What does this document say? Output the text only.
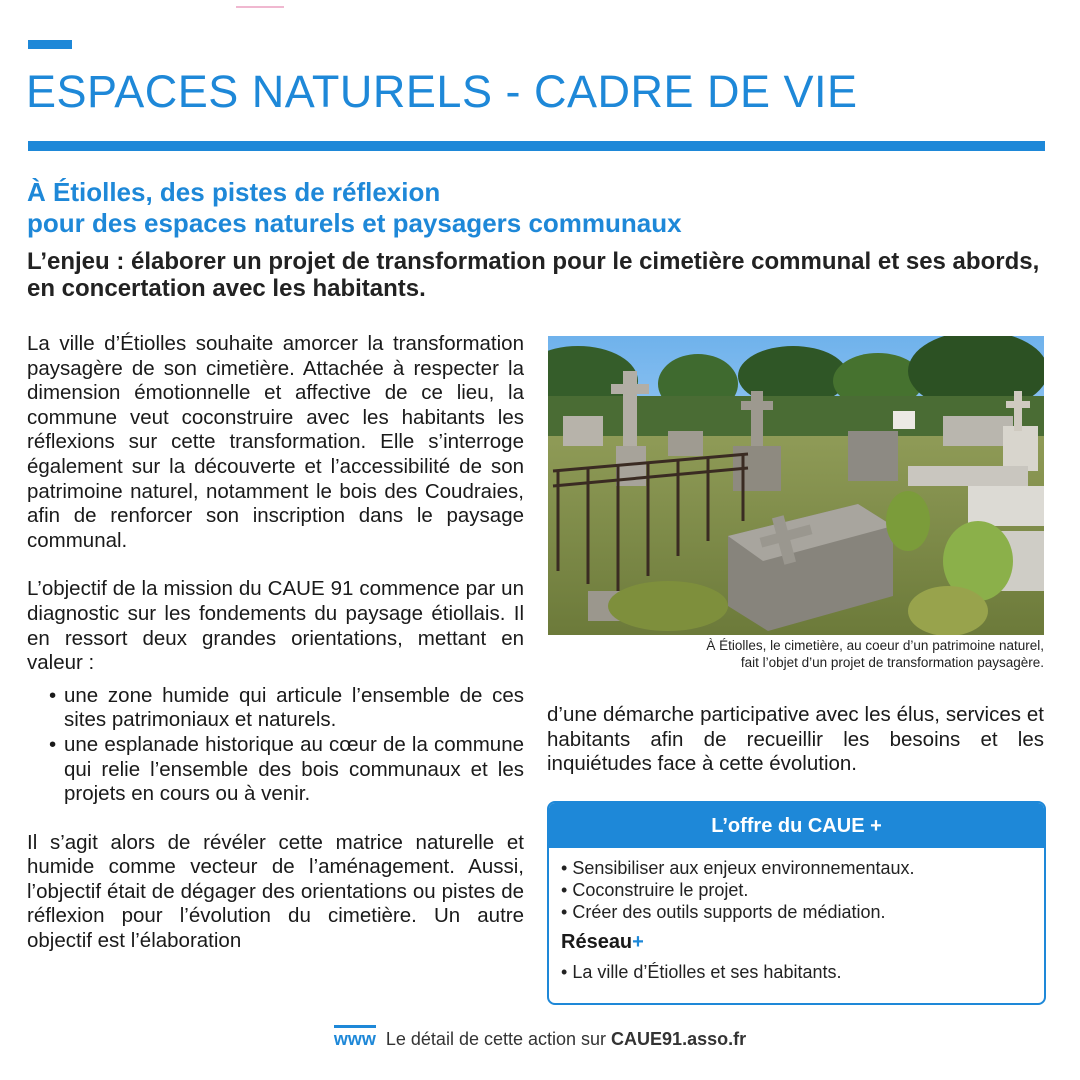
ESPACES NATURELS - CADRE DE VIE
À Étiolles, des pistes de réflexion
pour des espaces naturels et paysagers communaux

L’enjeu : élaborer un projet de transformation pour le cimetière communal et ses abords, en concertation avec les habitants.

La ville d’Étiolles souhaite amorcer la transformation paysagère de son cimetière. Attachée à respecter la dimension émotionnelle et affective de ce lieu, la commune veut coconstruire avec les habitants les réflexions sur cette transformation. Elle s’interroge également sur la découverte et l’accessibilité de son patrimoine naturel, notamment le bois des Coudraies, afin de renforcer son inscription dans le paysage communal.

L’objectif de la mission du CAUE 91 commence par un diagnostic sur les fondements du paysage étiollais. Il en ressort deux grandes orientations, mettant en valeur :

• une zone humide qui articule l’ensemble de ces sites patrimoniaux et naturels.
• une esplanade historique au cœur de la commune qui relie l’ensemble des bois communaux et les projets en cours ou à venir.

Il s’agit alors de révéler cette matrice naturelle et humide comme vecteur de l’aménagement. Aussi, l’objectif était de dégager des orientations ou pistes de réflexion pour l’évolution du cimetière. Un autre objectif est l’élaboration

À Étiolles, le cimetière, au coeur d’un patrimoine naturel,
fait l’objet d’un projet de transformation paysagère.

d’une démarche participative avec les élus, services et habitants afin de recueillir les besoins et les inquiétudes face à cette évolution.

L’offre du CAUE +
• Sensibiliser aux enjeux environnementaux.
• Coconstruire le projet.
• Créer des outils supports de médiation.
Réseau+
• La ville d’Étiolles et ses habitants.
www Le détail de cette action sur CAUE91.asso.fr
